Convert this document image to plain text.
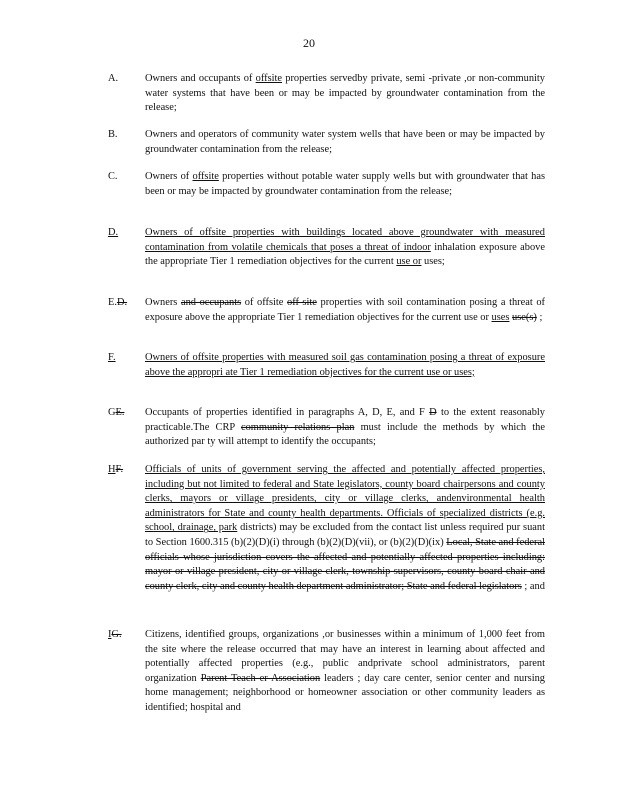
20
A.	Owners and occupants of offsite properties servedby private, semi -private ,or non-community water systems that have been or may be impacted by groundwater contamination from the release;
B.	Owners and operators of community water system wells that have been or may be impacted by groundwater contamination from the release;
C.	Owners of offsite properties without potable water supply wells but with groundwater that has been or may be impacted by groundwater contamination from the release;
D.	Owners of offsite properties with buildings located above groundwater with measured contamination from volatile chemicals that poses a threat of indoor inhalation exposure above the appropriate Tier 1 remediation objectives for the current use or uses;
E.D.	Owners and occupants of offsite off-site properties with soil contamination posing a threat of exposure above the appropriate Tier 1 remediation objectives for the current use or uses use(s) ;
F.	Owners of offsite properties with measured soil gas contamination posing a threat of exposure above the appropri ate Tier 1 remediation objectives for the current use or uses;
GE.	Occupants of properties identified in paragraphs A, D, E, and F D to the extent reasonably practicable.The CRP community relations plan must include the methods by which the authorized par ty will attempt to identify the occupants;
HF.	Officials of units of government serving the affected and potentially affected properties, including but not limited to federal and State legislators, county board chairpersons and county clerks, mayors or village presidents, city or village clerks, andenvironmental health administrators for State and county health departments. Officials of specialized districts (e.g. school, drainage, park districts) may be excluded from the contact list unless required pur suant to Section 1600.315 (b)(2)(D)(i) through (b)(2)(D)(vii), or (b)(2)(D)(ix) Local, State and federal officials whose jurisdiction covers the affected and potentially affected properties including: mayor or village president, city or village clerk, township supervisors, county board chair and county clerk, city and county health department administrator; State and federal legislators ; and
IG.	Citizens, identified groups, organizations ,or businesses within a minimum of 1,000 feet from the site where the release occurred that may have an interest in learning about affected and potentially affected properties (e.g., public andprivate school administrators, parent organization Parent Teach er Association leaders ; day care center, senior center and nursing home management; neighborhood or homeowner association or other community leaders as identified; hospital and
